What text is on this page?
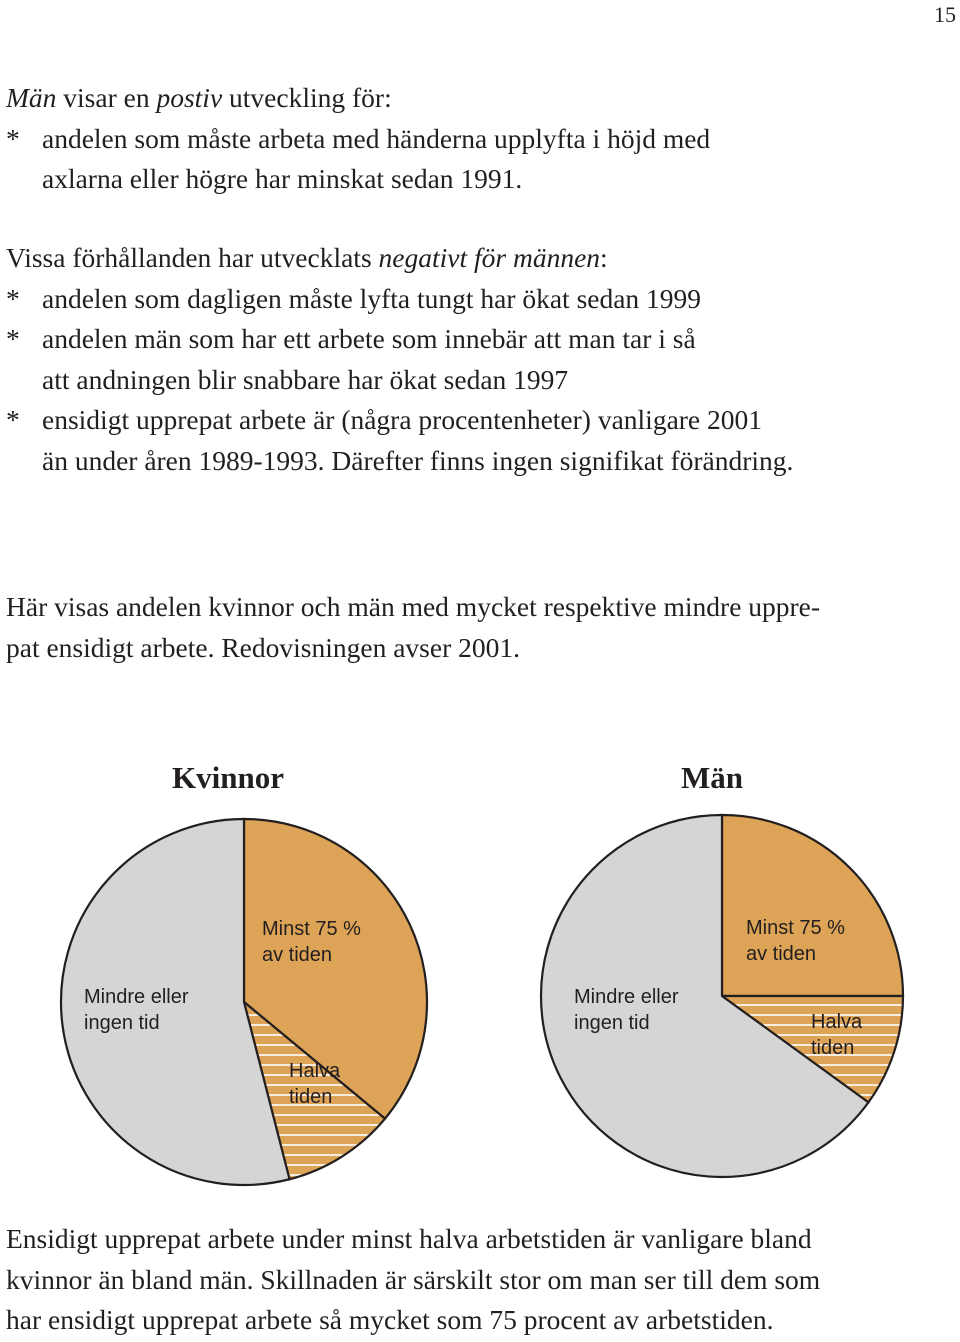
15
Män visar en postiv utveckling för:
* andelen som måste arbeta med händerna upplyfta i höjd med
axlarna eller högre har minskat sedan 1991.
Vissa förhållanden har utvecklats negativt för männen:
* andelen som dagligen måste lyfta tungt har ökat sedan 1999
* andelen män som har ett arbete som innebär att man tar i så
att andningen blir snabbare har ökat sedan 1997
* ensidigt upprepat arbete är (några procentenheter) vanligare 2001
än under åren 1989-1993. Därefter finns ingen signifikat förändring.
Här visas andelen kvinnor och män med mycket respektive mindre uppre-
pat ensidigt arbete. Redovisningen avser 2001.
Kvinnor	Män
Minst 75 %
av tiden
Mindre eller
ingen tid
Halva
tiden
Minst 75 %
av tiden
Mindre eller
ingen tid	Halva
tiden
Ensidigt upprepat arbete under minst halva arbetstiden är vanligare bland
kvinnor än bland män. Skillnaden är särskilt stor om man ser till dem som
har ensidigt upprepat arbete så mycket som 75 procent av arbetstiden.
